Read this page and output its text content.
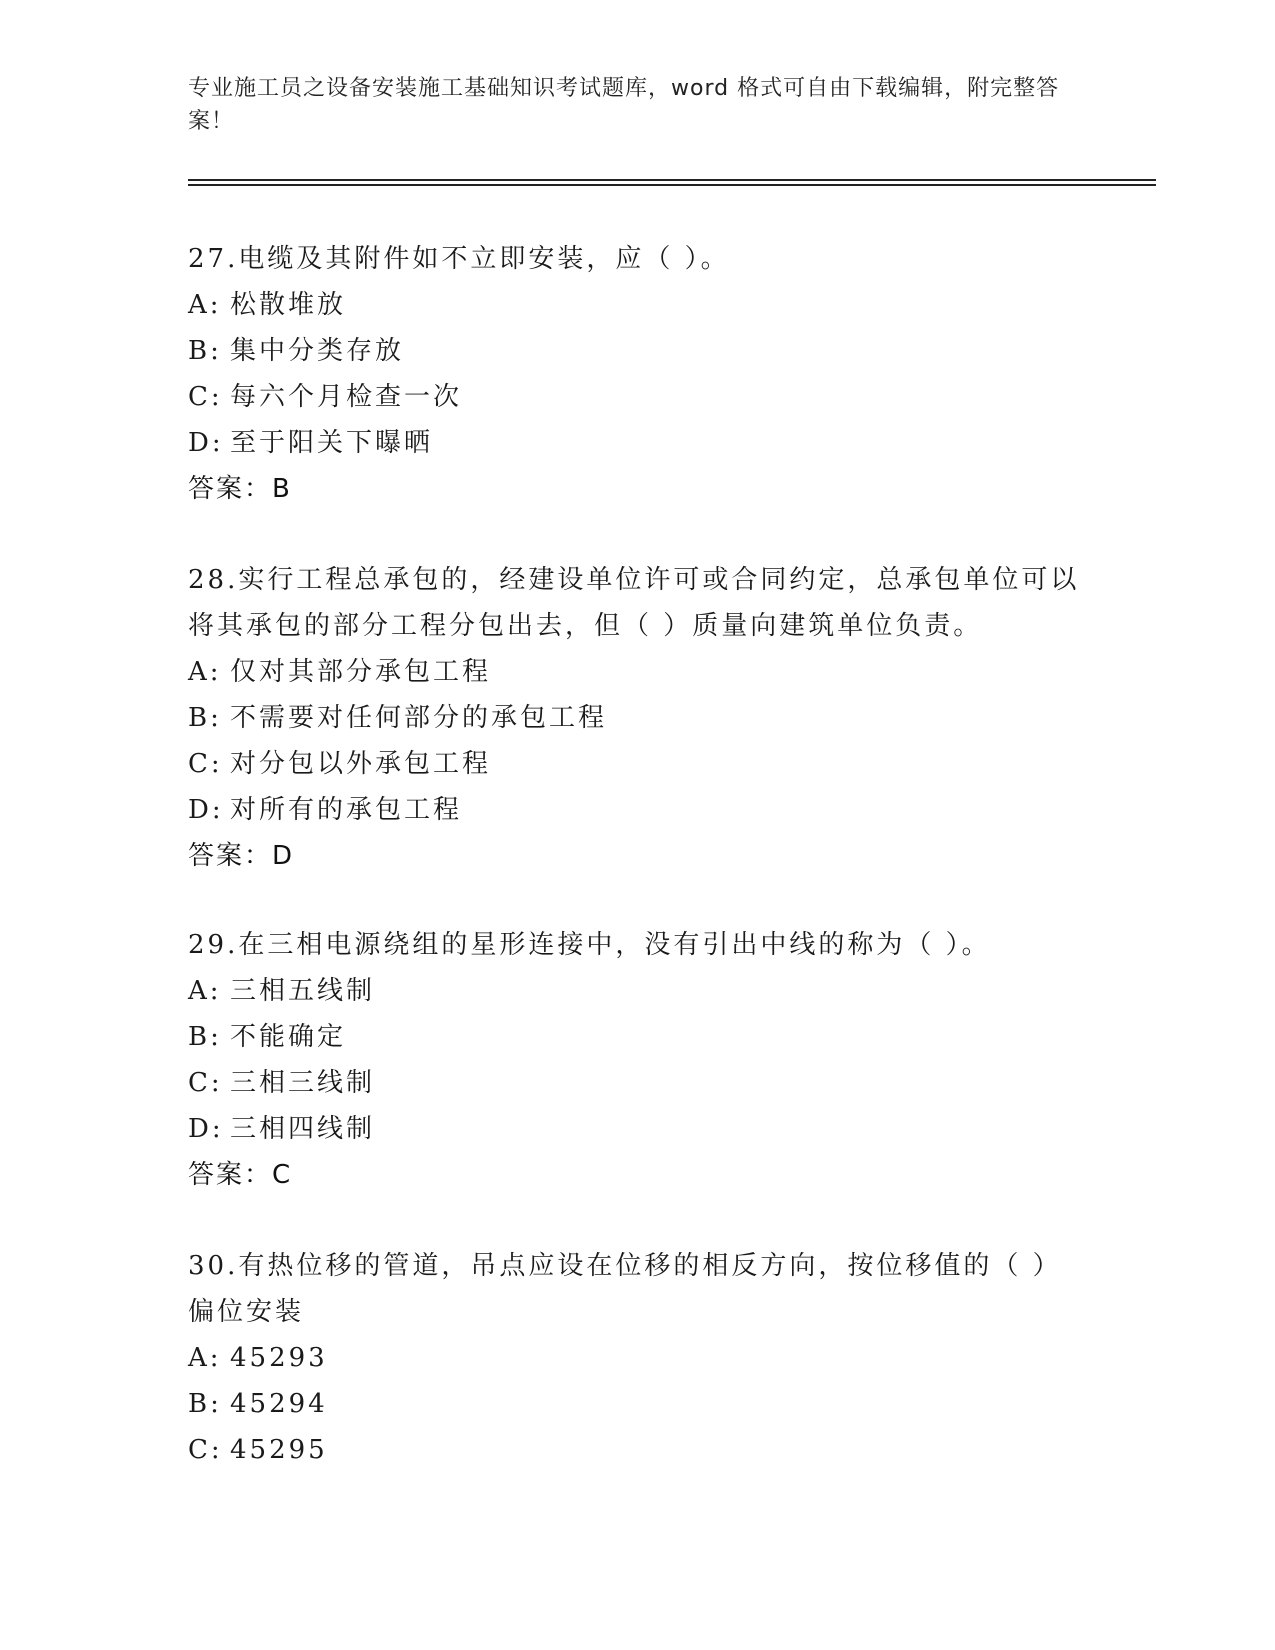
专业施工员之设备安装施工基础知识考试题库，word 格式可自由下载编辑，附完整答案！
27.电缆及其附件如不立即安装，应（ ）。
A: 松散堆放
B: 集中分类存放
C: 每六个月检查一次
D: 至于阳关下曝晒
答案：B
28.实行工程总承包的，经建设单位许可或合同约定，总承包单位可以将其承包的部分工程分包出去，但（ ）质量向建筑单位负责。
A: 仅对其部分承包工程
B: 不需要对任何部分的承包工程
C: 对分包以外承包工程
D: 对所有的承包工程
答案：D
29.在三相电源绕组的星形连接中，没有引出中线的称为（ ）。
A: 三相五线制
B: 不能确定
C: 三相三线制
D: 三相四线制
答案：C
30.有热位移的管道，吊点应设在位移的相反方向，按位移值的（ ）偏位安装
A: 45293
B: 45294
C: 45295
